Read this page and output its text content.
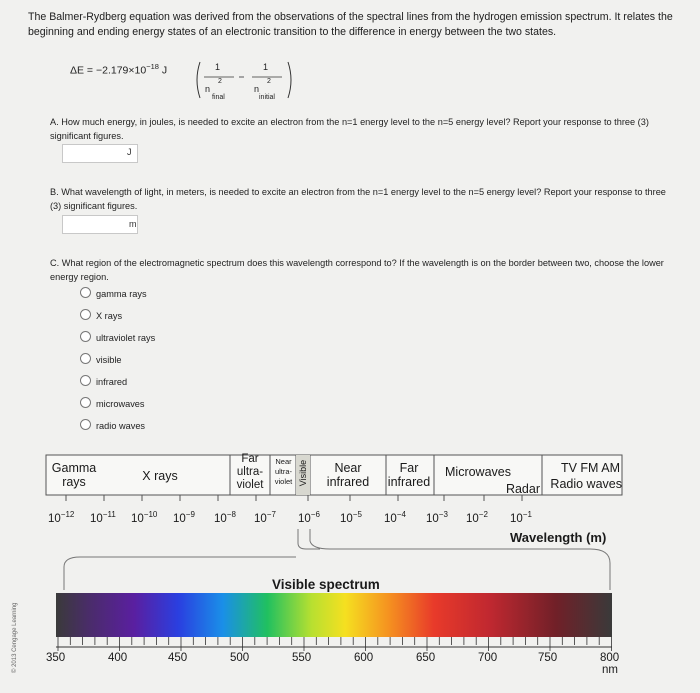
The Balmer-Rydberg equation was derived from the observations of the spectral lines from the hydrogen emission spectrum. It relates the beginning and ending energy states of an electronic transition to the difference in energy between the two states.
$\Delta E = -2.179\times 10^{-18}$ J	1	1
n
2
final
n
2
initial
A. How much energy, in joules, is needed to excite an electron from the n=1 energy level to the n=5 energy level? Report your response to three (3) significant figures.
J
B. What wavelength of light, in meters, is needed to excite an electron from the n=1 energy level to the n=5 energy level? Report your response to three (3) significant figures.
m
C. What region of the electromagnetic spectrum does this wavelength correspond to? If the wavelength is on the border between two, choose the lower energy region.
gamma rays
X rays
ultraviolet rays
visible
infrared
microwaves
radio waves
Gamma rays	X rays
Far ultra- violet
Near ultra- violet Visible	Near infrared
Far infrared
Microwaves
Radar
TV FM AM
Radio waves
$10^{-12}$ $10^{-11}$ $10^{-10}$ $10^{-9}$ $10^{-8}$ $10^{-7}$ $10^{-6}$ $10^{-5}$ $10^{-4}$ $10^{-3}$ $10^{-2}$ $10^{-1}$
Wavelength (m)
Visible spectrum
350	400	450	500	550	600	650	700	750	800
nm
© 2013 Cengage Learning
